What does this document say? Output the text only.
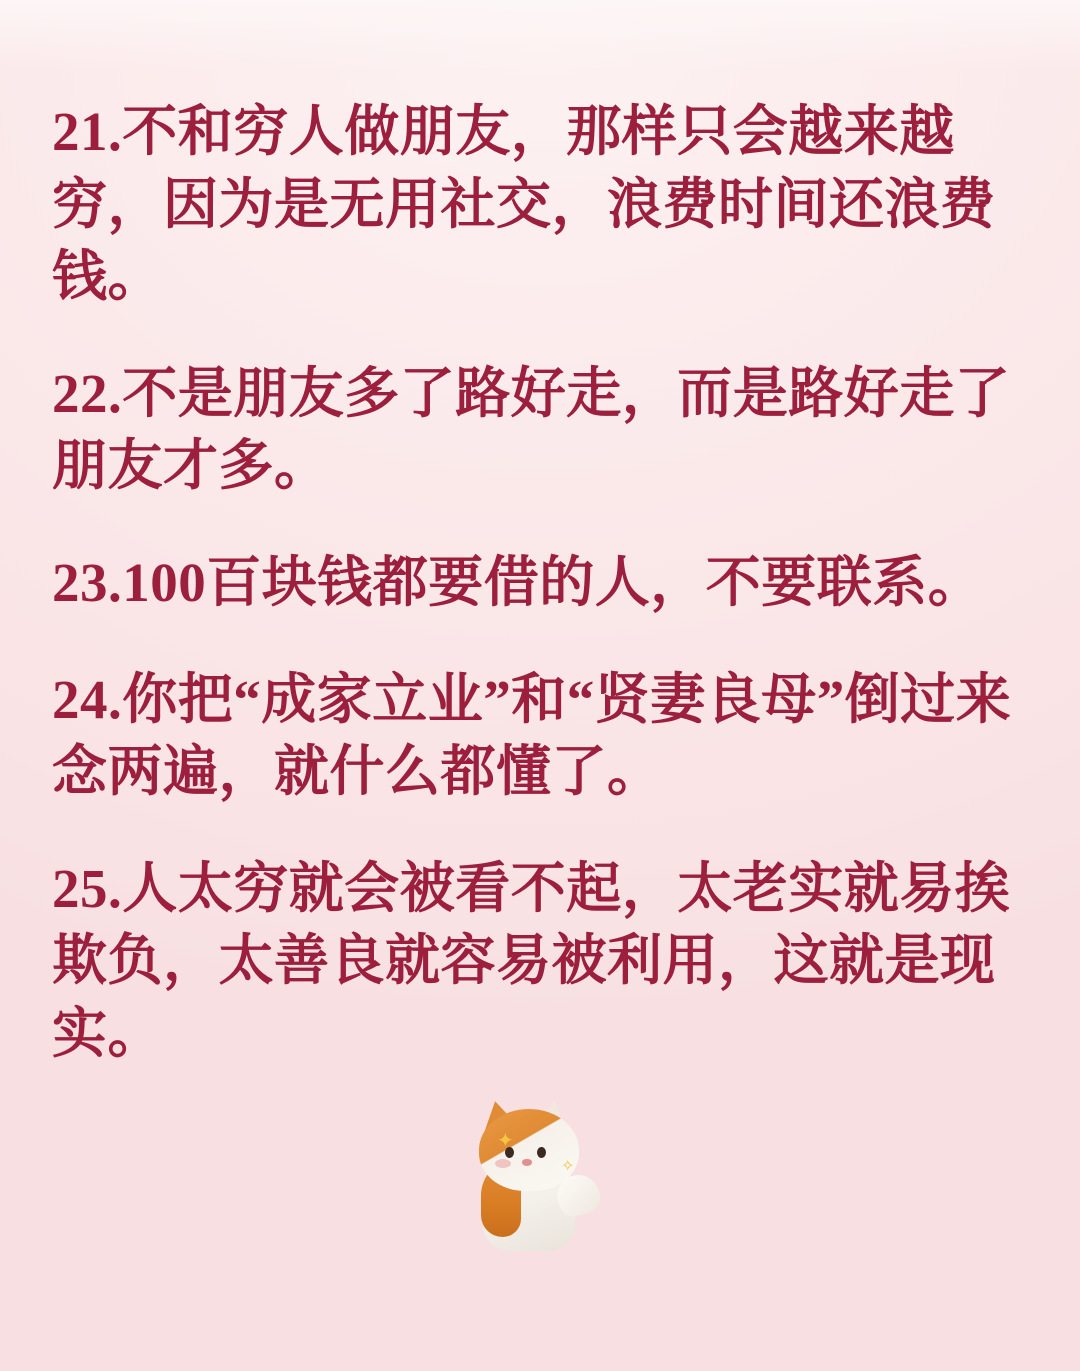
21.不和穷人做朋友，那样只会越来越穷，因为是无用社交，浪费时间还浪费钱。

22.不是朋友多了路好走，而是路好走了朋友才多。

23.100百块钱都要借的人，不要联系。

24.你把“成家立业”和“贤妻良母”倒过来念两遍，就什么都懂了。

25.人太穷就会被看不起，太老实就易挨欺负，太善良就容易被利用，这就是现实。

✦
✧
